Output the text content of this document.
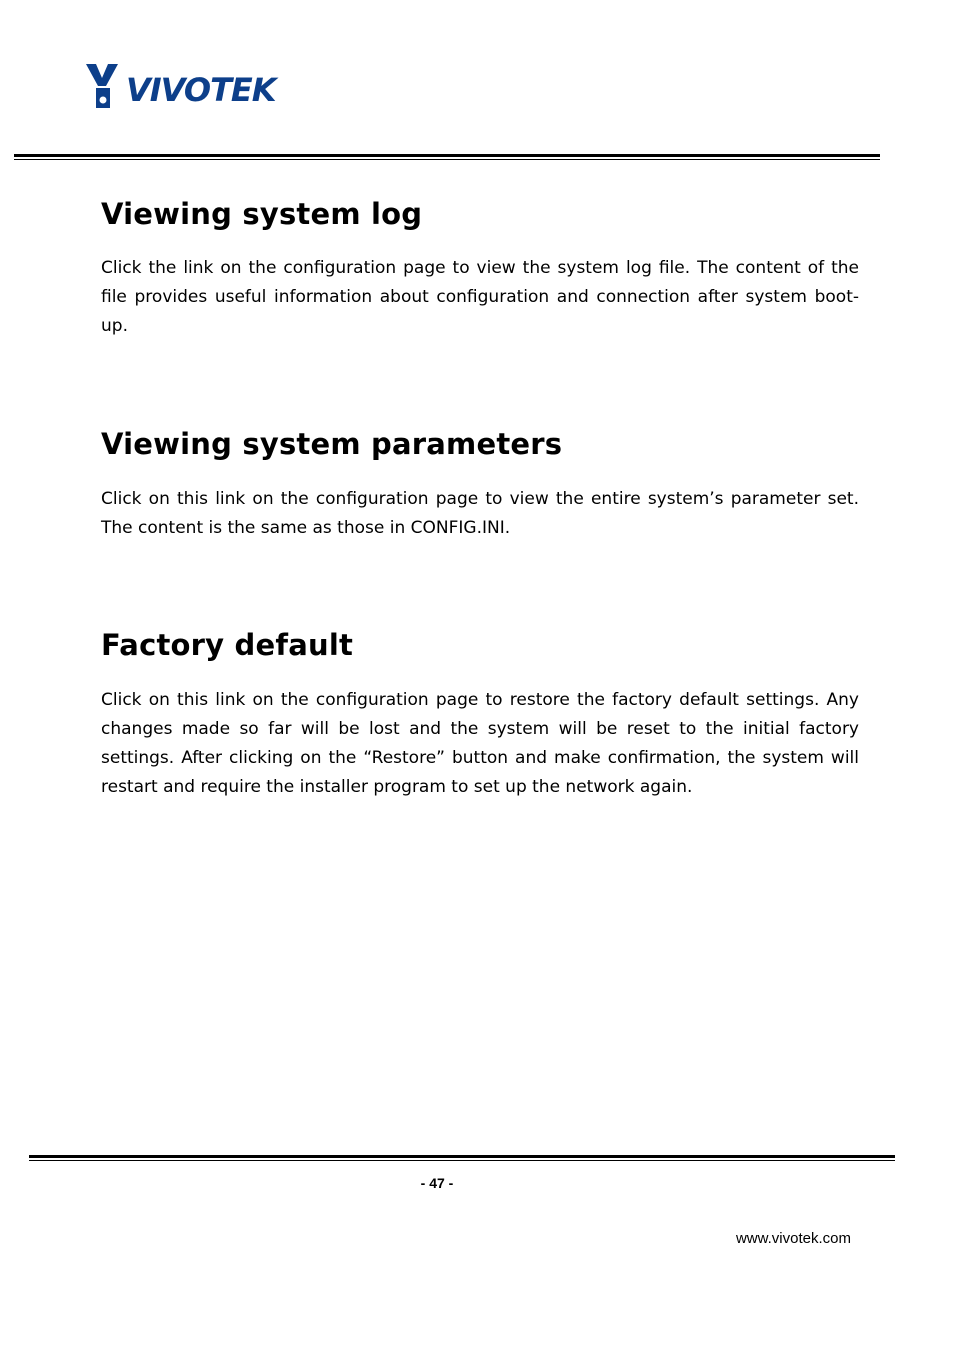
VIVOTEK
Viewing system log

Click the link on the configuration page to view the system log file. The content of the file provides useful information about configuration and connection after system boot-up.

Viewing system parameters

Click on this link on the configuration page to view the entire system’s parameter set. The content is the same as those in CONFIG.INI.

Factory default

Click on this link on the configuration page to restore the factory default settings. Any changes made so far will be lost and the system will be reset to the initial factory settings. After clicking on the “Restore” button and make confirmation, the system will restart and require the installer program to set up the network again.

- 47 -
www.vivotek.com
